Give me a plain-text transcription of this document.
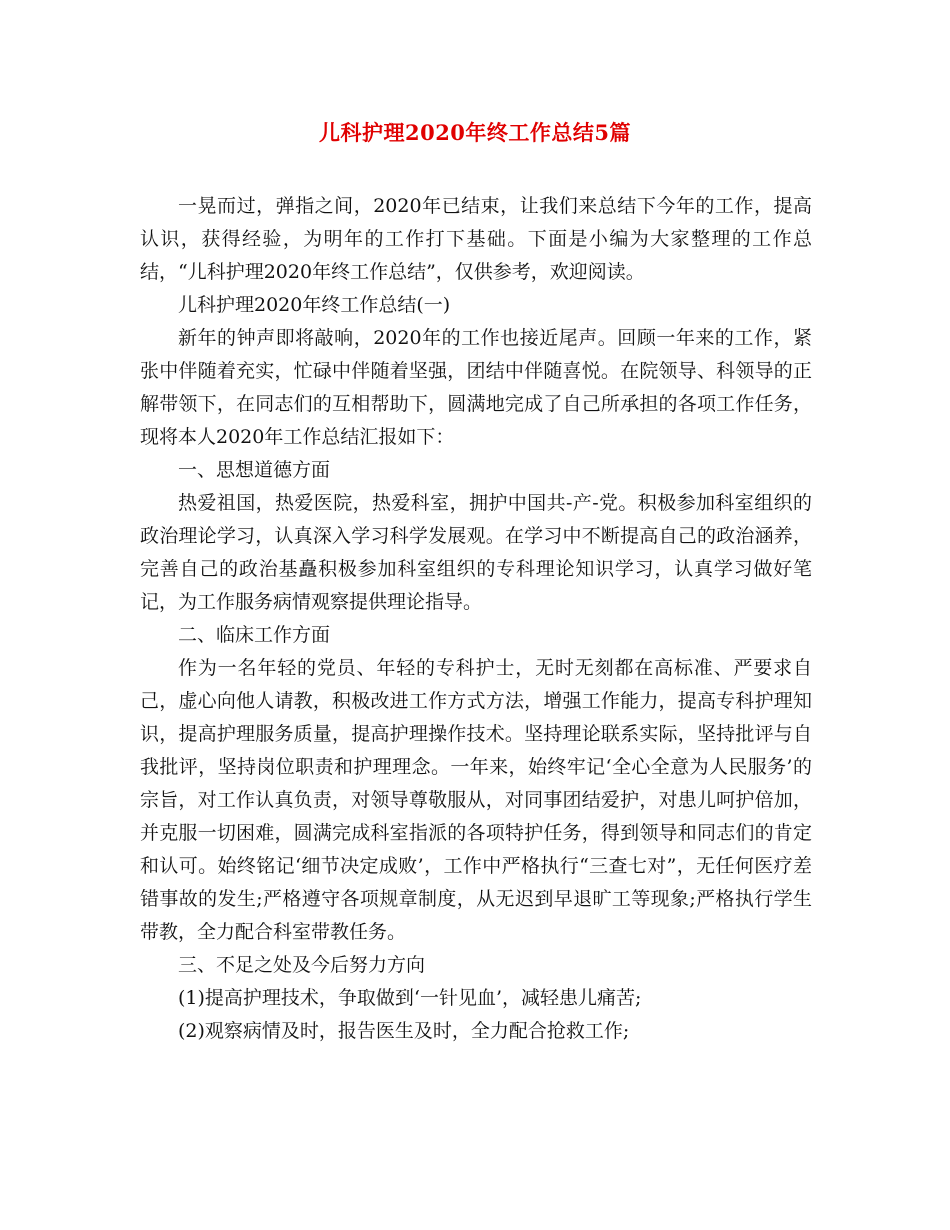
儿科护理2020年终工作总结5篇

一晃而过，弹指之间，2020年已结束，让我们来总结下今年的工作，提高认识，获得经验，为明年的工作打下基础。下面是小编为大家整理的工作总结，“儿科护理2020年终工作总结”，仅供参考，欢迎阅读。

儿科护理2020年终工作总结(一)

新年的钟声即将敲响，2020年的工作也接近尾声。回顾一年来的工作，紧张中伴随着充实，忙碌中伴随着坚强，团结中伴随喜悦。在院领导、科领导的正解带领下，在同志们的互相帮助下，圆满地完成了自己所承担的各项工作任务，现将本人2020年工作总结汇报如下：

一、思想道德方面

热爱祖国，热爱医院，热爱科室，拥护中国共-产-党。积极参加科室组织的政治理论学习，认真深入学习科学发展观。在学习中不断提高自己的政治涵养，完善自己的政治基矗积极参加科室组织的专科理论知识学习，认真学习做好笔记，为工作服务病情观察提供理论指导。

二、临床工作方面

作为一名年轻的党员、年轻的专科护士，无时无刻都在高标准、严要求自己，虚心向他人请教，积极改进工作方式方法，增强工作能力，提高专科护理知识，提高护理服务质量，提高护理操作技术。坚持理论联系实际，坚持批评与自我批评，坚持岗位职责和护理理念。一年来，始终牢记‘全心全意为人民服务’的宗旨，对工作认真负责，对领导尊敬服从，对同事团结爱护，对患儿呵护倍加，并克服一切困难，圆满完成科室指派的各项特护任务，得到领导和同志们的肯定和认可。始终铭记‘细节决定成败’，工作中严格执行“三查七对”，无任何医疗差错事故的发生;严格遵守各项规章制度，从无迟到早退旷工等现象;严格执行学生带教，全力配合科室带教任务。

三、不足之处及今后努力方向

(1)提高护理技术，争取做到‘一针见血’，减轻患儿痛苦;

(2)观察病情及时，报告医生及时，全力配合抢救工作;
